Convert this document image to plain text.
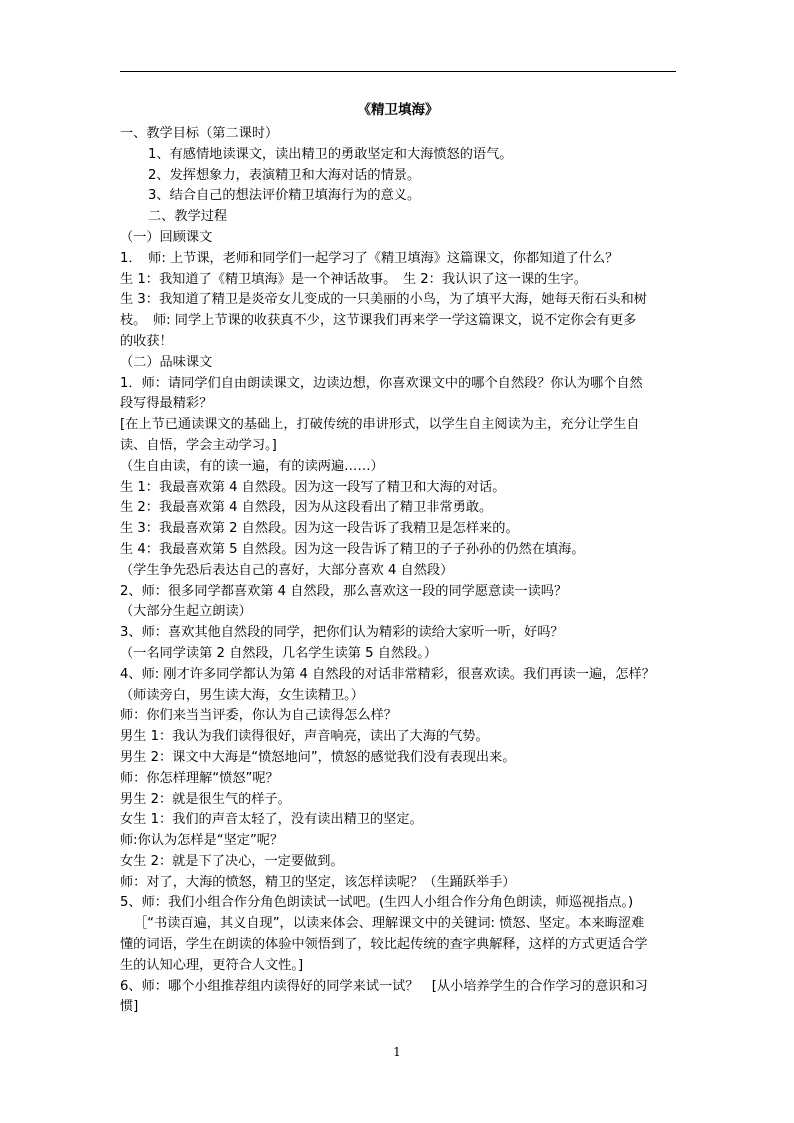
《精卫填海》

一、教学目标（第二课时）

1、有感情地读课文，读出精卫的勇敢坚定和大海愤怒的语气。

2、发挥想象力，表演精卫和大海对话的情景。

3、结合自己的想法评价精卫填海行为的意义。

二、教学过程

（一）回顾课文

1．　师: 上节课，老师和同学们一起学习了《精卫填海》这篇课文，你都知道了什么？

生 1：我知道了《精卫填海》是一个神话故事。　生 2：我认识了这一课的生字。

生 3：我知道了精卫是炎帝女儿变成的一只美丽的小鸟，为了填平大海，她每天衔石头和树

枝。　师: 同学上节课的收获真不少，这节课我们再来学一学这篇课文，说不定你会有更多

的收获！

（二）品味课文

1．师：请同学们自由朗读课文，边读边想，你喜欢课文中的哪个自然段？你认为哪个自然

段写得最精彩？

[在上节已通读课文的基础上，打破传统的串讲形式，以学生自主阅读为主，充分让学生自

读、自悟，学会主动学习。]

（生自由读，有的读一遍，有的读两遍……）

生 1：我最喜欢第 4 自然段。因为这一段写了精卫和大海的对话。

生 2：我最喜欢第 4 自然段，因为从这段看出了精卫非常勇敢。

生 3：我最喜欢第 2 自然段。因为这一段告诉了我精卫是怎样来的。

生 4：我最喜欢第 5 自然段。因为这一段告诉了精卫的子子孙孙的仍然在填海。

（学生争先恐后表达自己的喜好，大部分喜欢 4 自然段）

2、师：很多同学都喜欢第 4 自然段，那么喜欢这一段的同学愿意读一读吗？

（大部分生起立朗读）

3、师：喜欢其他自然段的同学，把你们认为精彩的读给大家听一听，好吗？

（一名同学读第 2 自然段，几名学生读第 5 自然段。）

4、师: 刚才许多同学都认为第 4 自然段的对话非常精彩，很喜欢读。我们再读一遍，怎样？

（师读旁白，男生读大海，女生读精卫。）

师：你们来当当评委，你认为自己读得怎么样？

男生 1：我认为我们读得很好，声音响亮，读出了大海的气势。

男生 2：课文中大海是“愤怒地问”，愤怒的感觉我们没有表现出来。

师：你怎样理解“愤怒”呢？

男生 2：就是很生气的样子。

女生 1：我们的声音太轻了，没有读出精卫的坚定。

师:你认为怎样是“坚定”呢？

女生 2：就是下了决心，一定要做到。

师：对了，大海的愤怒，精卫的坚定，该怎样读呢？（生踊跃举手）

5、师：我们小组合作分角色朗读试一试吧。(生四人小组合作分角色朗读，师巡视指点。)

［“书读百遍，其义自现”，以读来体会、理解课文中的关键词: 愤怒、坚定。本来晦涩难

懂的词语，学生在朗读的体验中领悟到了，较比起传统的查字典解释，这样的方式更适合学

生的认知心理，更符合人文性。]

6、师：哪个小组推荐组内读得好的同学来试一试？　[从小培养学生的合作学习的意识和习

惯]

1
